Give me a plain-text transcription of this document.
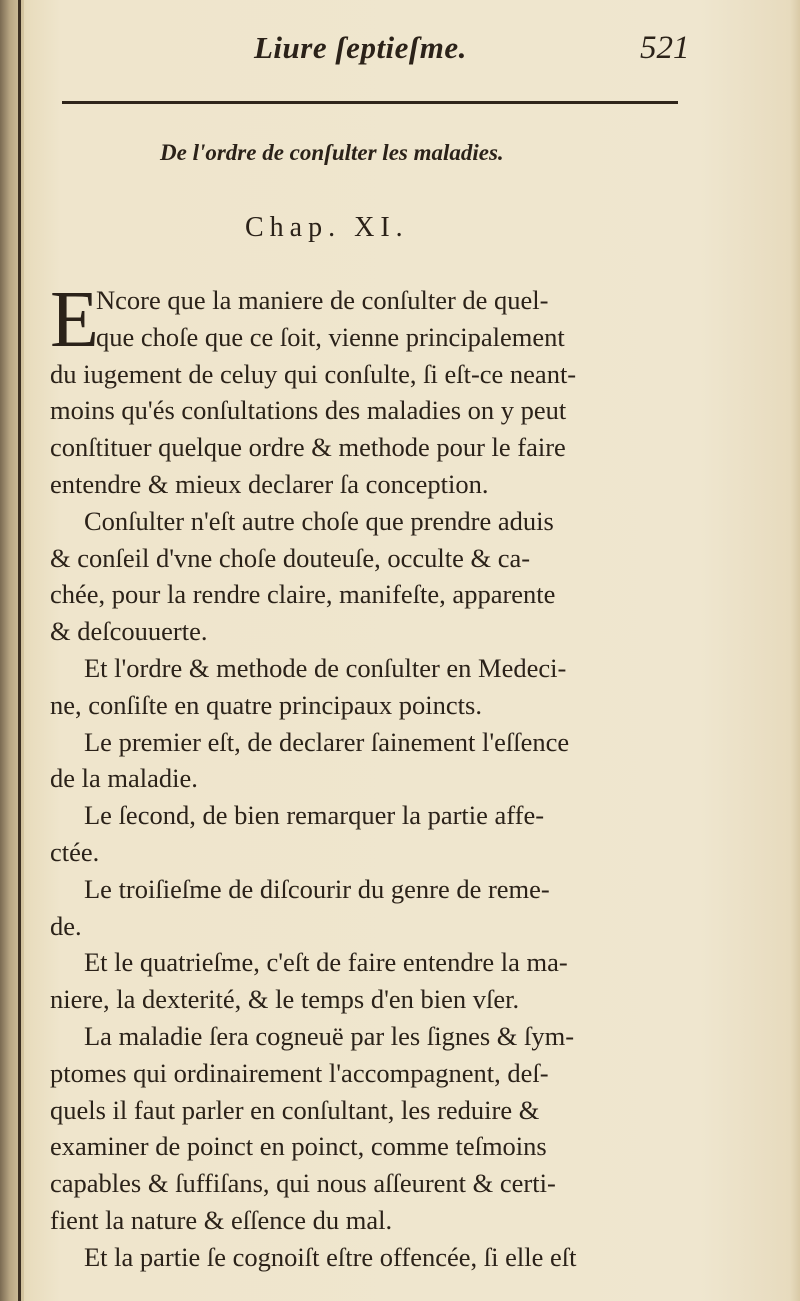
Liure ſeptieſme.	521
De l'ordre de conſulter les maladies.
Chap. XI.
E
Ncore que la maniere de conſulter de quel-
que choſe que ce ſoit, vienne principalement
du iugement de celuy qui conſulte, ſi eſt-ce neant-
moins qu'és conſultations des maladies on y peut
conſtituer quelque ordre & methode pour le faire
entendre & mieux declarer ſa conception.
Conſulter n'eſt autre choſe que prendre aduis
& conſeil d'vne choſe douteuſe, occulte & ca-
chée, pour la rendre claire, manifeſte, apparente
& deſcouuerte.
Et l'ordre & methode de conſulter en Medeci-
ne, conſiſte en quatre principaux poincts.
Le premier eſt, de declarer ſainement l'eſſence
de la maladie.
Le ſecond, de bien remarquer la partie affe-
ctée.
Le troiſieſme de diſcourir du genre de reme-
de.
Et le quatrieſme, c'eſt de faire entendre la ma-
niere, la dexterité, & le temps d'en bien vſer.
La maladie ſera cogneuë par les ſignes & ſym-
ptomes qui ordinairement l'accompagnent, deſ-
quels il faut parler en conſultant, les reduire &
examiner de poinct en poinct, comme teſmoins
capables & ſuffiſans, qui nous aſſeurent & certi-
fient la nature & eſſence du mal.
Et la partie ſe cognoiſt eſtre offencée, ſi elle eſt
